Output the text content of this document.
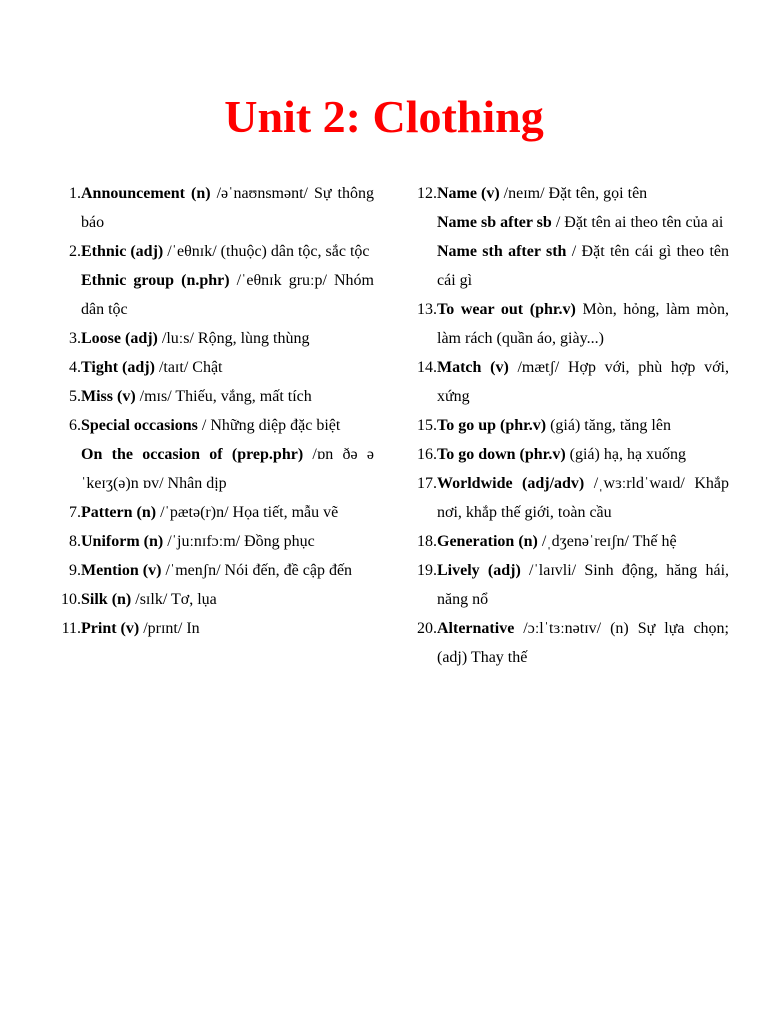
Unit 2: Clothing
1. Announcement (n) /əˈnaʊnsmənt/ Sự thông báo
2. Ethnic (adj) /ˈeθnɪk/ (thuộc) dân tộc, sắc tộc
Ethnic group (n.phr) /ˈeθnɪk gruːp/ Nhóm dân tộc
3. Loose (adj) /luːs/ Rộng, lùng thùng
4. Tight (adj) /taɪt/ Chật
5. Miss (v) /mɪs/ Thiếu, vắng, mất tích
6. Special occasions / Những diệp đặc biệt
On the occasion of (prep.phr) /ɒn ðə əˈkeɪʒ(ə)n ɒv/ Nhân dịp
7. Pattern (n) /ˈpætə(r)n/ Họa tiết, mẫu vẽ
8. Uniform (n) /ˈjuːnɪfɔːm/ Đồng phục
9. Mention (v) /ˈmenʃn/ Nói đến, đề cập đến
10. Silk (n) /sɪlk/ Tơ, lụa
11. Print (v) /prɪnt/ In
12. Name (v) /neɪm/ Đặt tên, gọi tên
Name sb after sb / Đặt tên ai theo tên của ai
Name sth after sth / Đặt tên cái gì theo tên cái gì
13. To wear out (phr.v) Mòn, hỏng, làm mòn, làm rách (quần áo, giày...)
14. Match (v) /mætʃ/ Hợp với, phù hợp với, xứng
15. To go up (phr.v) (giá) tăng, tăng lên
16. To go down (phr.v) (giá) hạ, hạ xuống
17. Worldwide (adj/adv) /ˌwɜːrldˈwaɪd/ Khắp nơi, khắp thế giới, toàn cầu
18. Generation (n) /ˌdʒenəˈreɪʃn/ Thế hệ
19. Lively (adj) /ˈlaɪvli/ Sinh động, hăng hái, năng nổ
20. Alternative /ɔːlˈtɜːnətɪv/ (n) Sự lựa chọn; (adj) Thay thế
